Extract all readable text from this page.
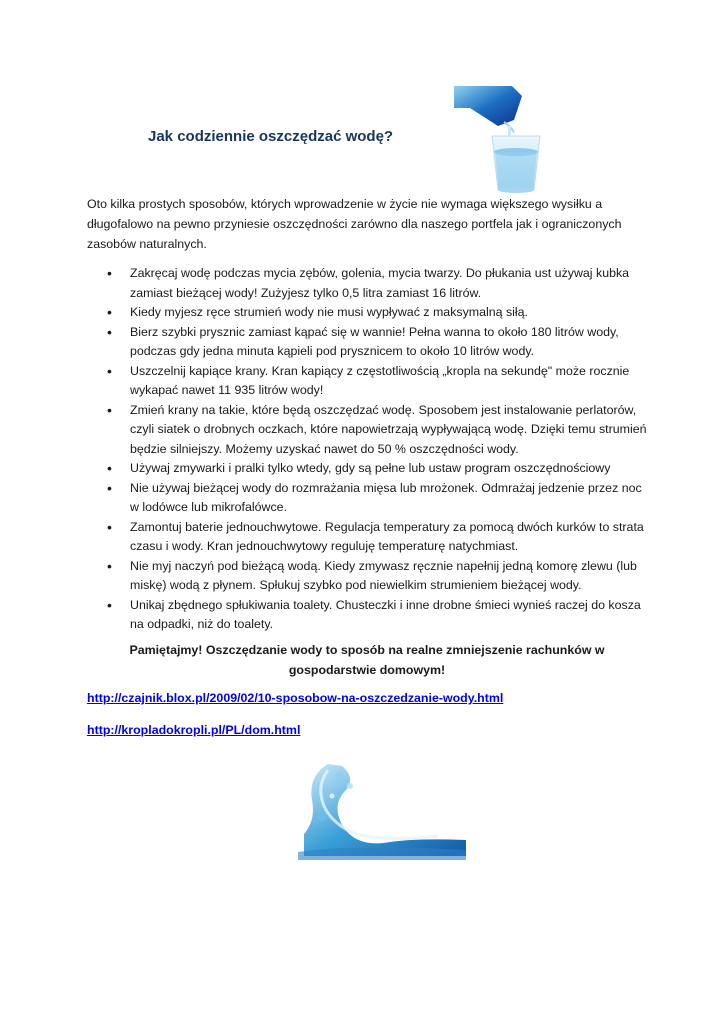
Jak codziennie oszczędzać wodę?

Oto kilka prostych sposobów, których wprowadzenie w życie nie wymaga większego wysiłku a długofalowo na pewno przyniesie oszczędności zarówno dla naszego portfela jak i ograniczonych zasobów naturalnych.

• Zakręcaj wodę podczas mycia zębów, golenia, mycia twarzy. Do płukania ust używaj kubka zamiast bieżącej wody! Zużyjesz tylko 0,5 litra zamiast 16 litrów.
• Kiedy myjesz ręce strumień wody nie musi wypływać z maksymalną siłą.
• Bierz szybki prysznic zamiast kąpać się w wannie! Pełna wanna to około 180 litrów wody, podczas gdy jedna minuta kąpieli pod prysznicem to około 10 litrów wody.
• Uszczelnij kapiące krany. Kran kapiący z częstotliwością „kropla na sekundę" może rocznie wykapać nawet 11 935 litrów wody!
• Zmień krany na takie, które będą oszczędzać wodę. Sposobem jest instalowanie perlatorów, czyli siatek o drobnych oczkach, które napowietrzają wypływającą wodę. Dzięki temu strumień będzie silniejszy. Możemy uzyskać nawet do 50 % oszczędności wody.
• Używaj zmywarki i pralki tylko wtedy, gdy są pełne lub ustaw program oszczędnościowy
• Nie używaj bieżącej wody do rozmrażania mięsa lub mrożonek. Odmrażaj jedzenie przez noc w lodówce lub mikrofalówce.
• Zamontuj baterie jednouchwytowe. Regulacja temperatury za pomocą dwóch kurków to strata czasu i wody. Kran jednouchwytowy reguluję temperaturę natychmiast.
• Nie myj naczyń pod bieżącą wodą. Kiedy zmywasz ręcznie napełnij jedną komorę zlewu (lub miskę) wodą z płynem. Spłukuj szybko pod niewielkim strumieniem bieżącej wody.
• Unikaj zbędnego spłukiwania toalety. Chusteczki i inne drobne śmieci wynieś raczej do kosza na odpadki, niż do toalety.

Pamiętajmy! Oszczędzanie wody to sposób na realne zmniejszenie rachunków w gospodarstwie domowym!

http://czajnik.blox.pl/2009/02/10-sposobow-na-oszczedzanie-wody.html
http://kropladokropli.pl/PL/dom.html
